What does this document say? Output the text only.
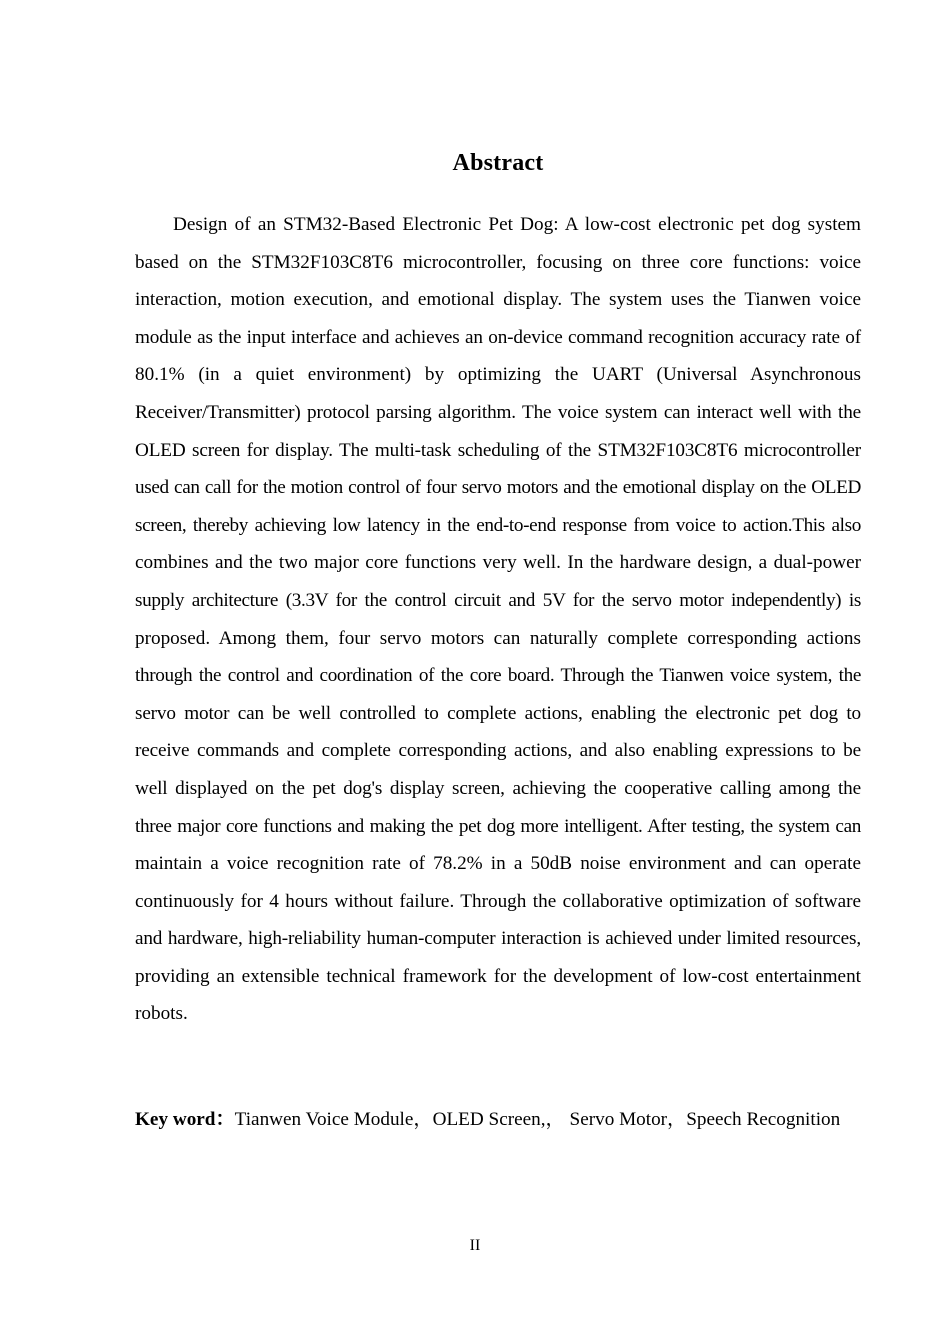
Abstract
Design of an STM32-Based Electronic Pet Dog: A low-cost electronic pet dog system
based on the STM32F103C8T6 microcontroller, focusing on three core functions: voice
interaction, motion execution, and emotional display. The system uses the Tianwen voice
module as the input interface and achieves an on-device command recognition accuracy rate of
80.1% (in a quiet environment) by optimizing the UART (Universal Asynchronous
Receiver/Transmitter) protocol parsing algorithm. The voice system can interact well with the
OLED screen for display. The multi-task scheduling of the STM32F103C8T6 microcontroller
used can call for the motion control of four servo motors and the emotional display on the OLED
screen, thereby achieving low latency in the end-to-end response from voice to action.This also
combines and the two major core functions very well. In the hardware design, a dual-power
supply architecture (3.3V for the control circuit and 5V for the servo motor independently) is
proposed. Among them, four servo motors can naturally complete corresponding actions
through the control and coordination of the core board. Through the Tianwen voice system, the
servo motor can be well controlled to complete actions, enabling the electronic pet dog to
receive commands and complete corresponding actions, and also enabling expressions to be
well displayed on the pet dog's display screen, achieving the cooperative calling among the
three major core functions and making the pet dog more intelligent. After testing, the system can
maintain a voice recognition rate of 78.2% in a 50dB noise environment and can operate
continuously for 4 hours without failure. Through the collaborative optimization of software
and hardware, high-reliability human-computer interaction is achieved under limited resources,
providing an extensible technical framework for the development of low-cost entertainment
robots.

Key word：Tianwen Voice Module，OLED Screen,， Servo Motor，Speech Recognition

II
